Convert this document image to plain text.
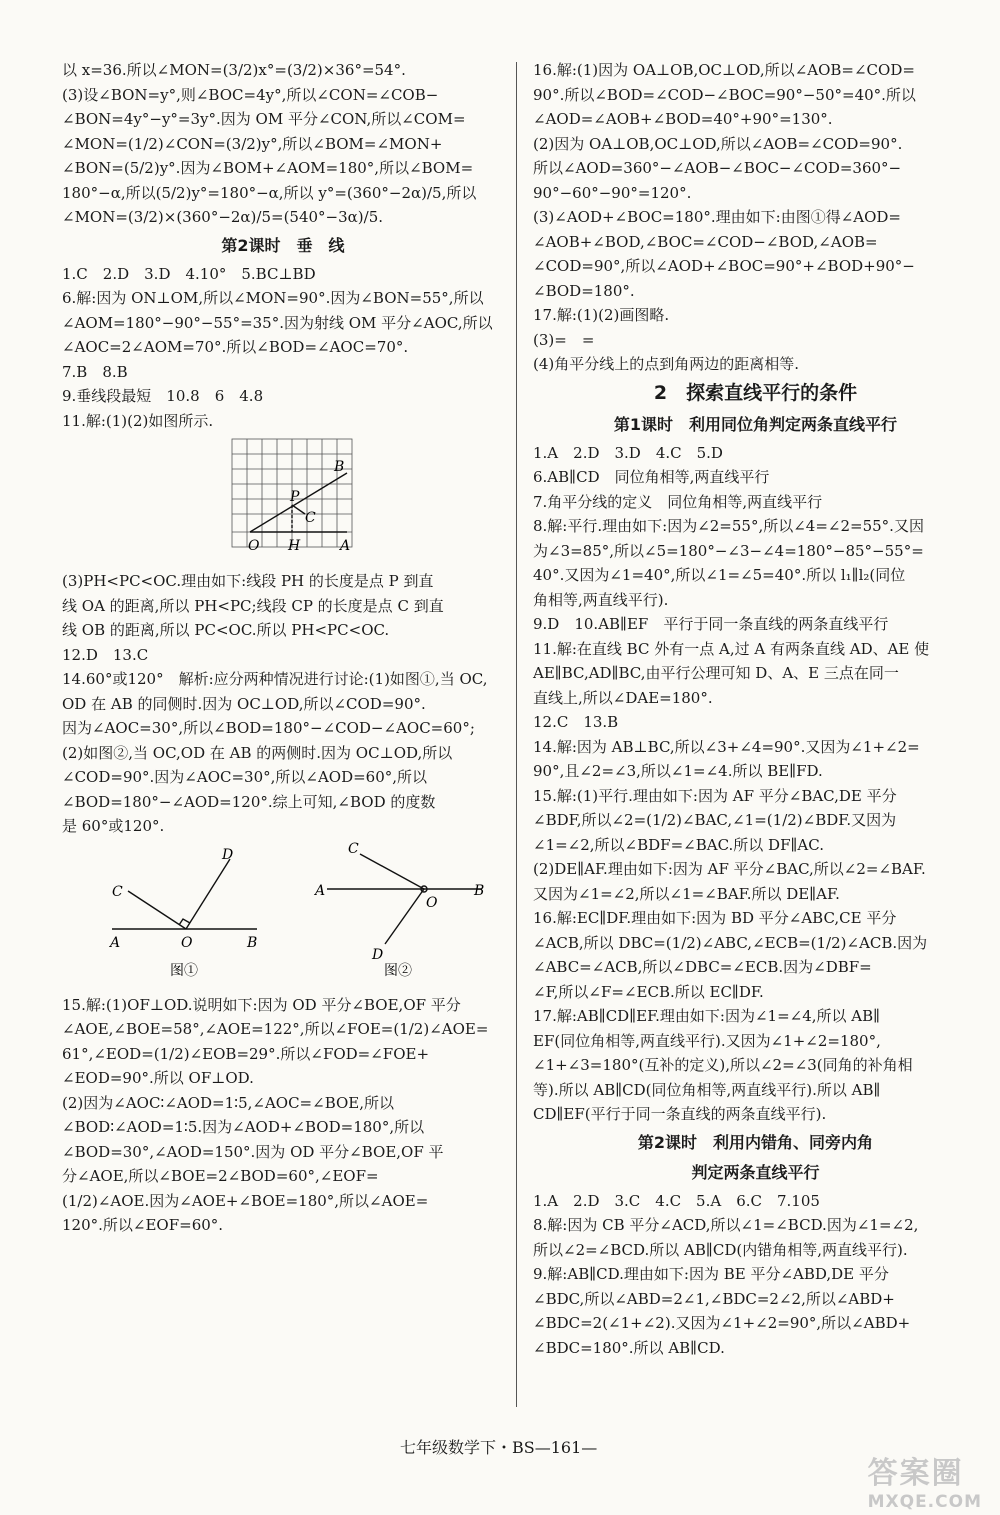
以 x=36.所以∠MON=(3/2)x°=(3/2)×36°=54°.

(3)设∠BON=y°,则∠BOC=4y°,所以∠CON=∠COB−

∠BON=4y°−y°=3y°.因为 OM 平分∠CON,所以∠COM=

∠MON=(1/2)∠CON=(3/2)y°,所以∠BOM=∠MON+

∠BON=(5/2)y°.因为∠BOM+∠AOM=180°,所以∠BOM=

180°−α,所以(5/2)y°=180°−α,所以 y°=(360°−2α)/5,所以

∠MON=(3/2)×(360°−2α)/5=(540°−3α)/5.

第2课时　垂　线

1.C　2.D　3.D　4.10°　5.BC⊥BD

6.解:因为 ON⊥OM,所以∠MON=90°.因为∠BON=55°,所以

∠AOM=180°−90°−55°=35°.因为射线 OM 平分∠AOC,所以

∠AOC=2∠AOM=70°.所以∠BOD=∠AOC=70°.

7.B　8.B

9.垂线段最短　10.8　6　4.8

11.解:(1)(2)如图所示.

B
P
C
O H	A

(3)PH<PC<OC.理由如下:线段 PH 的长度是点 P 到直

线 OA 的距离,所以 PH<PC;线段 CP 的长度是点 C 到直

线 OB 的距离,所以 PC<OC.所以 PH<PC<OC.

12.D　13.C

14.60°或120°　解析:应分两种情况进行讨论:(1)如图①,当 OC,

OD 在 AB 的同侧时.因为 OC⊥OD,所以∠COD=90°.

因为∠AOC=30°,所以∠BOD=180°−∠COD−∠AOC=60°;

(2)如图②,当 OC,OD 在 AB 的两侧时.因为 OC⊥OD,所以

∠COD=90°.因为∠AOC=30°,所以∠AOD=60°,所以

∠BOD=180°−∠AOD=120°.综上可知,∠BOD 的度数

是 60°或120°.

D
C
A	O	B
图①
C
A
O
B
D
图②

15.解:(1)OF⊥OD.说明如下:因为 OD 平分∠BOE,OF 平分

∠AOE,∠BOE=58°,∠AOE=122°,所以∠FOE=(1/2)∠AOE=

61°,∠EOD=(1/2)∠EOB=29°.所以∠FOD=∠FOE+

∠EOD=90°.所以 OF⊥OD.

(2)因为∠AOC∶∠AOD=1∶5,∠AOC=∠BOE,所以

∠BOD∶∠AOD=1∶5.因为∠AOD+∠BOD=180°,所以

∠BOD=30°,∠AOD=150°.因为 OD 平分∠BOE,OF 平

分∠AOE,所以∠BOE=2∠BOD=60°,∠EOF=

(1/2)∠AOE.因为∠AOE+∠BOE=180°,所以∠AOE=

120°.所以∠EOF=60°.

16.解:(1)因为 OA⊥OB,OC⊥OD,所以∠AOB=∠COD=

90°.所以∠BOD=∠COD−∠BOC=90°−50°=40°.所以

∠AOD=∠AOB+∠BOD=40°+90°=130°.

(2)因为 OA⊥OB,OC⊥OD,所以∠AOB=∠COD=90°.

所以∠AOD=360°−∠AOB−∠BOC−∠COD=360°−

90°−60°−90°=120°.

(3)∠AOD+∠BOC=180°.理由如下:由图①得∠AOD=

∠AOB+∠BOD,∠BOC=∠COD−∠BOD,∠AOB=

∠COD=90°,所以∠AOD+∠BOC=90°+∠BOD+90°−

∠BOD=180°.

17.解:(1)(2)画图略.

(3)=　=

(4)角平分线上的点到角两边的距离相等.

2　探索直线平行的条件
第1课时　利用同位角判定两条直线平行

1.A　2.D　3.D　4.C　5.D

6.AB∥CD　同位角相等,两直线平行

7.角平分线的定义　同位角相等,两直线平行

8.解:平行.理由如下:因为∠2=55°,所以∠4=∠2=55°.又因

为∠3=85°,所以∠5=180°−∠3−∠4=180°−85°−55°=

40°.又因为∠1=40°,所以∠1=∠5=40°.所以 l₁∥l₂(同位

角相等,两直线平行).

9.D　10.AB∥EF　平行于同一条直线的两条直线平行

11.解:在直线 BC 外有一点 A,过 A 有两条直线 AD、AE 使

AE∥BC,AD∥BC,由平行公理可知 D、A、E 三点在同一

直线上,所以∠DAE=180°.

12.C　13.B

14.解:因为 AB⊥BC,所以∠3+∠4=90°.又因为∠1+∠2=

90°,且∠2=∠3,所以∠1=∠4.所以 BE∥FD.

15.解:(1)平行.理由如下:因为 AF 平分∠BAC,DE 平分

∠BDF,所以∠2=(1/2)∠BAC,∠1=(1/2)∠BDF.又因为

∠1=∠2,所以∠BDF=∠BAC.所以 DF∥AC.

(2)DE∥AF.理由如下:因为 AF 平分∠BAC,所以∠2=∠BAF.

又因为∠1=∠2,所以∠1=∠BAF.所以 DE∥AF.

16.解:EC∥DF.理由如下:因为 BD 平分∠ABC,CE 平分

∠ACB,所以 DBC=(1/2)∠ABC,∠ECB=(1/2)∠ACB.因为

∠ABC=∠ACB,所以∠DBC=∠ECB.因为∠DBF=

∠F,所以∠F=∠ECB.所以 EC∥DF.

17.解:AB∥CD∥EF.理由如下:因为∠1=∠4,所以 AB∥

EF(同位角相等,两直线平行).又因为∠1+∠2=180°,

∠1+∠3=180°(互补的定义),所以∠2=∠3(同角的补角相

等).所以 AB∥CD(同位角相等,两直线平行).所以 AB∥

CD∥EF(平行于同一条直线的两条直线平行).

第2课时　利用内错角、同旁内角
判定两条直线平行

1.A　2.D　3.C　4.C　5.A　6.C　7.105

8.解:因为 CB 平分∠ACD,所以∠1=∠BCD.因为∠1=∠2,

所以∠2=∠BCD.所以 AB∥CD(内错角相等,两直线平行).

9.解:AB∥CD.理由如下:因为 BE 平分∠ABD,DE 平分

∠BDC,所以∠ABD=2∠1,∠BDC=2∠2,所以∠ABD+

∠BDC=2(∠1+∠2).又因为∠1+∠2=90°,所以∠ABD+

∠BDC=180°.所以 AB∥CD.

七年级数学下・BS—161—
答案圈
MXQE.COM
